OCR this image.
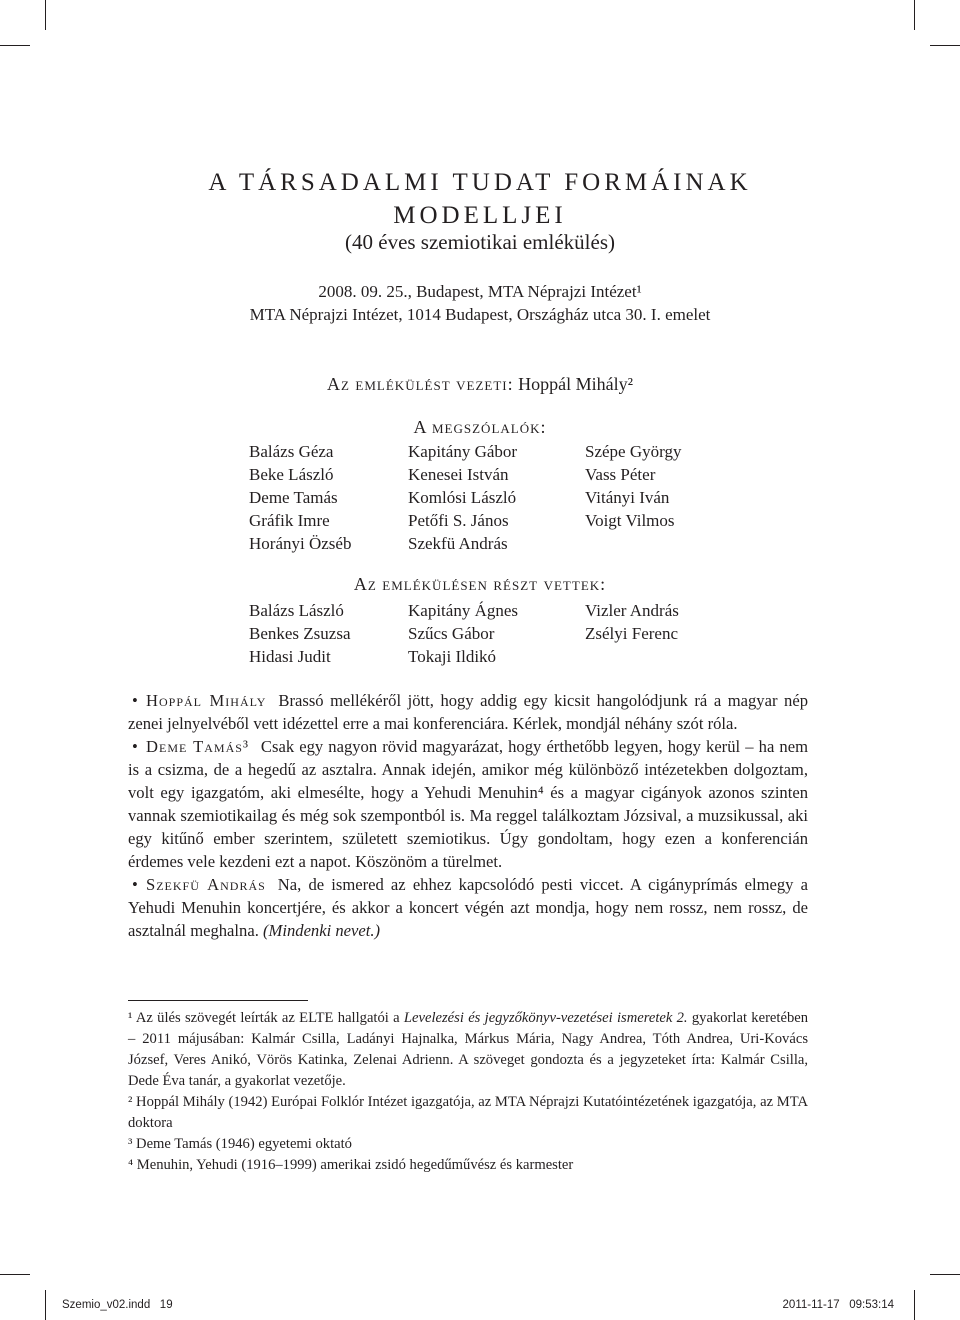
A TÁRSADALMI TUDAT FORMÁINAK
MODELLJEI
(40 éves szemiotikai emlékülés)
2008. 09. 25., Budapest, MTA Néprajzi Intézet¹
MTA Néprajzi Intézet, 1014 Budapest, Országház utca 30. I. emelet
Az emlékülést vezeti: Hoppál Mihály²
A megszólalók:
Balázs Géza
Beke László
Deme Tamás
Gráfik Imre
Horányi Özséb
Kapitány Gábor
Kenesei István
Komlósi László
Petőfi S. János
Szekfü András
Szépe György
Vass Péter
Vitányi Iván
Voigt Vilmos
Az emlékülésen részt vettek:
Balázs László
Benkes Zsuzsa
Hidasi Judit
Kapitány Ágnes
Szűcs Gábor
Tokaji Ildikó
Vizler András
Zsélyi Ferenc

• Hoppál Mihály Brassó mellékéről jött, hogy addig egy kicsit hangolódjunk rá a magyar nép zenei jelnyelvéből vett idézettel erre a mai konferenciára. Kérlek, mondjál néhány szót róla.

• Deme Tamás³ Csak egy nagyon rövid magyarázat, hogy érthetőbb legyen, hogy kerül – ha nem is a csizma, de a hegedű az asztalra. Annak idején, amikor még különböző intézetekben dolgoztam, volt egy igazgatóm, aki elmesélte, hogy a Yehudi Menuhin⁴ és a magyar cigányok azonos szinten vannak szemiotikailag és még sok szempontból is. Ma reggel találkoztam Józsival, a muzsikussal, aki egy kitűnő ember szerintem, született szemiotikus. Úgy gondoltam, hogy ezen a konferencián érdemes vele kezdeni ezt a napot. Köszönöm a türelmet.

• Szekfü András Na, de ismered az ehhez kapcsolódó pesti viccet. A cigányprímás elmegy a Yehudi Menuhin koncertjére, és akkor a koncert végén azt mondja, hogy nem rossz, nem rossz, de asztalnál meghalna. (Mindenki nevet.)

¹ Az ülés szövegét leírták az ELTE hallgatói a Levelezési és jegyzőkönyv-vezetései ismeretek 2. gyakorlat keretében – 2011 májusában: Kalmár Csilla, Ladányi Hajnalka, Márkus Mária, Nagy Andrea, Tóth Andrea, Uri-Kovács József, Veres Anikó, Vörös Katinka, Zelenai Adrienn. A szöveget gondozta és a jegyzeteket írta: Kalmár Csilla, Dede Éva tanár, a gyakorlat vezetője.

² Hoppál Mihály (1942) Európai Folklór Intézet igazgatója, az MTA Néprajzi Kutatóintézetének igazgatója, az MTA doktora

³ Deme Tamás (1946) egyetemi oktató

⁴ Menuhin, Yehudi (1916–1999) amerikai zsidó hegedűművész és karmester

Szemio_v02.indd   19	2011-11-17   09:53:14
